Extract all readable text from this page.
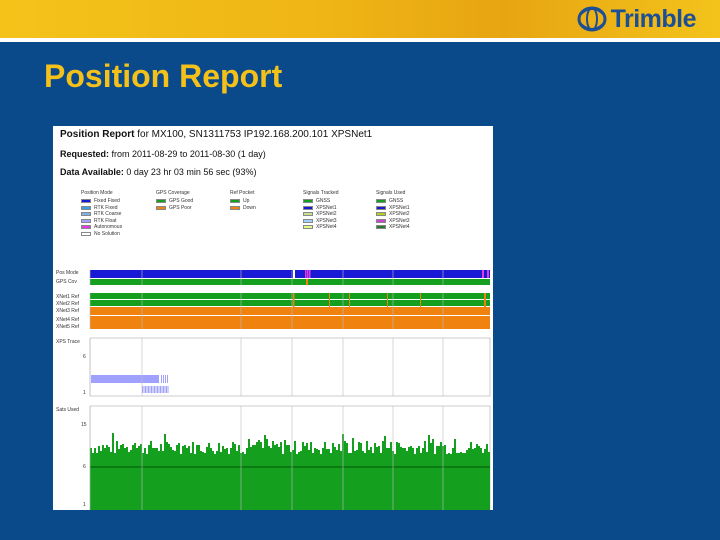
Trimble
Position Report
Position Report for MX100, SN1311753 IP192.168.200.101 XPSNet1
Requested: from 2011-08-29 to 2011-08-30 (1 day)
Data Available: 0 day 23 hr 03 min 56 sec (93%)
Position Mode
Fixed Fixed
RTK Fixed
RTK Coarse
RTK Float
Autonomous
No Solution
GPS Coverage
GPS Good
GPS Poor
Ref Pocket
Up
Down
Signals Tracked
GNSS
XPSNet1
XPSNet2
XPSNet3
XPSNet4
Signals Used
GNSS
XPSNet1
XPSNet2
XPSNet3
XPSNet4
Pos Mode
GPS Cov
XNet1 Ref
XNet2 Ref
XNet3 Ref
XNet4 Ref
XNet5 Ref
XPS Trace
6
1
Sats Used
15
6
1
